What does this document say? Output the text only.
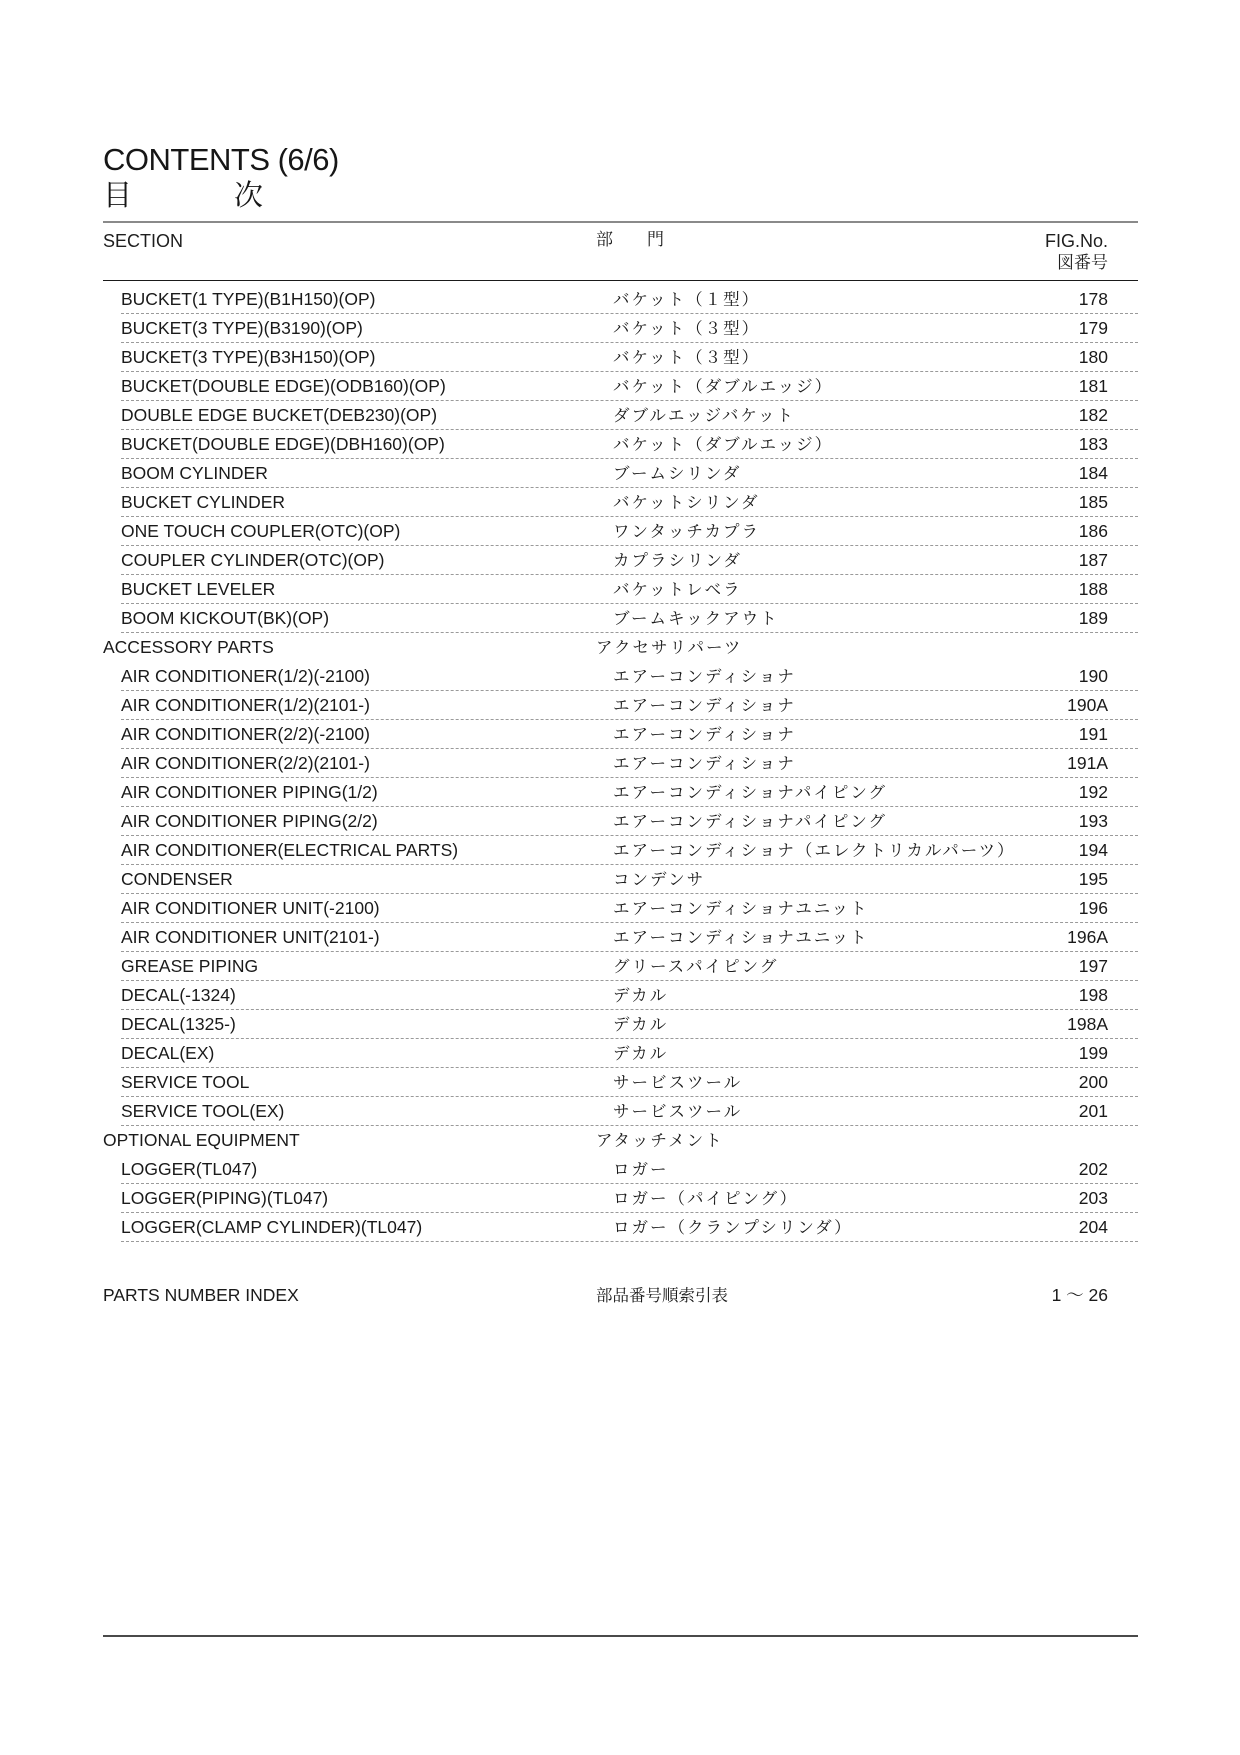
CONTENTS (6/6)
目	次
SECTION	部 門	FIG.No.
図番号
BUCKET(1 TYPE)(B1H150)(OP)	バケット（１型）	178
BUCKET(3 TYPE)(B3190)(OP)	バケット（３型）	179
BUCKET(3 TYPE)(B3H150)(OP)	バケット（３型）	180
BUCKET(DOUBLE EDGE)(ODB160)(OP)	バケット（ダブルエッジ）	181
DOUBLE EDGE BUCKET(DEB230)(OP)	ダブルエッジバケット	182
BUCKET(DOUBLE EDGE)(DBH160)(OP)	バケット（ダブルエッジ）	183
BOOM CYLINDER	ブームシリンダ	184
BUCKET CYLINDER	バケットシリンダ	185
ONE TOUCH COUPLER(OTC)(OP)	ワンタッチカプラ	186
COUPLER CYLINDER(OTC)(OP)	カプラシリンダ	187
BUCKET LEVELER	バケットレベラ	188
BOOM KICKOUT(BK)(OP)	ブームキックアウト	189
ACCESSORY PARTS	アクセサリパーツ
AIR CONDITIONER(1/2)(-2100)	エアーコンディショナ	190
AIR CONDITIONER(1/2)(2101-)	エアーコンディショナ	190A
AIR CONDITIONER(2/2)(-2100)	エアーコンディショナ	191
AIR CONDITIONER(2/2)(2101-)	エアーコンディショナ	191A
AIR CONDITIONER PIPING(1/2)	エアーコンディショナパイピング	192
AIR CONDITIONER PIPING(2/2)	エアーコンディショナパイピング	193
AIR CONDITIONER(ELECTRICAL PARTS)	エアーコンディショナ（エレクトリカルパーツ）	194
CONDENSER	コンデンサ	195
AIR CONDITIONER UNIT(-2100)	エアーコンディショナユニット	196
AIR CONDITIONER UNIT(2101-)	エアーコンディショナユニット	196A
GREASE PIPING	グリースパイピング	197
DECAL(-1324)	デカル	198
DECAL(1325-)	デカル	198A
DECAL(EX)	デカル	199
SERVICE TOOL	サービスツール	200
SERVICE TOOL(EX)	サービスツール	201
OPTIONAL EQUIPMENT	アタッチメント
LOGGER(TL047)	ロガー	202
LOGGER(PIPING)(TL047)	ロガー（パイピング）	203
LOGGER(CLAMP CYLINDER)(TL047)	ロガー（クランプシリンダ）	204
PARTS NUMBER INDEX	部品番号順索引表	1 ～ 26
